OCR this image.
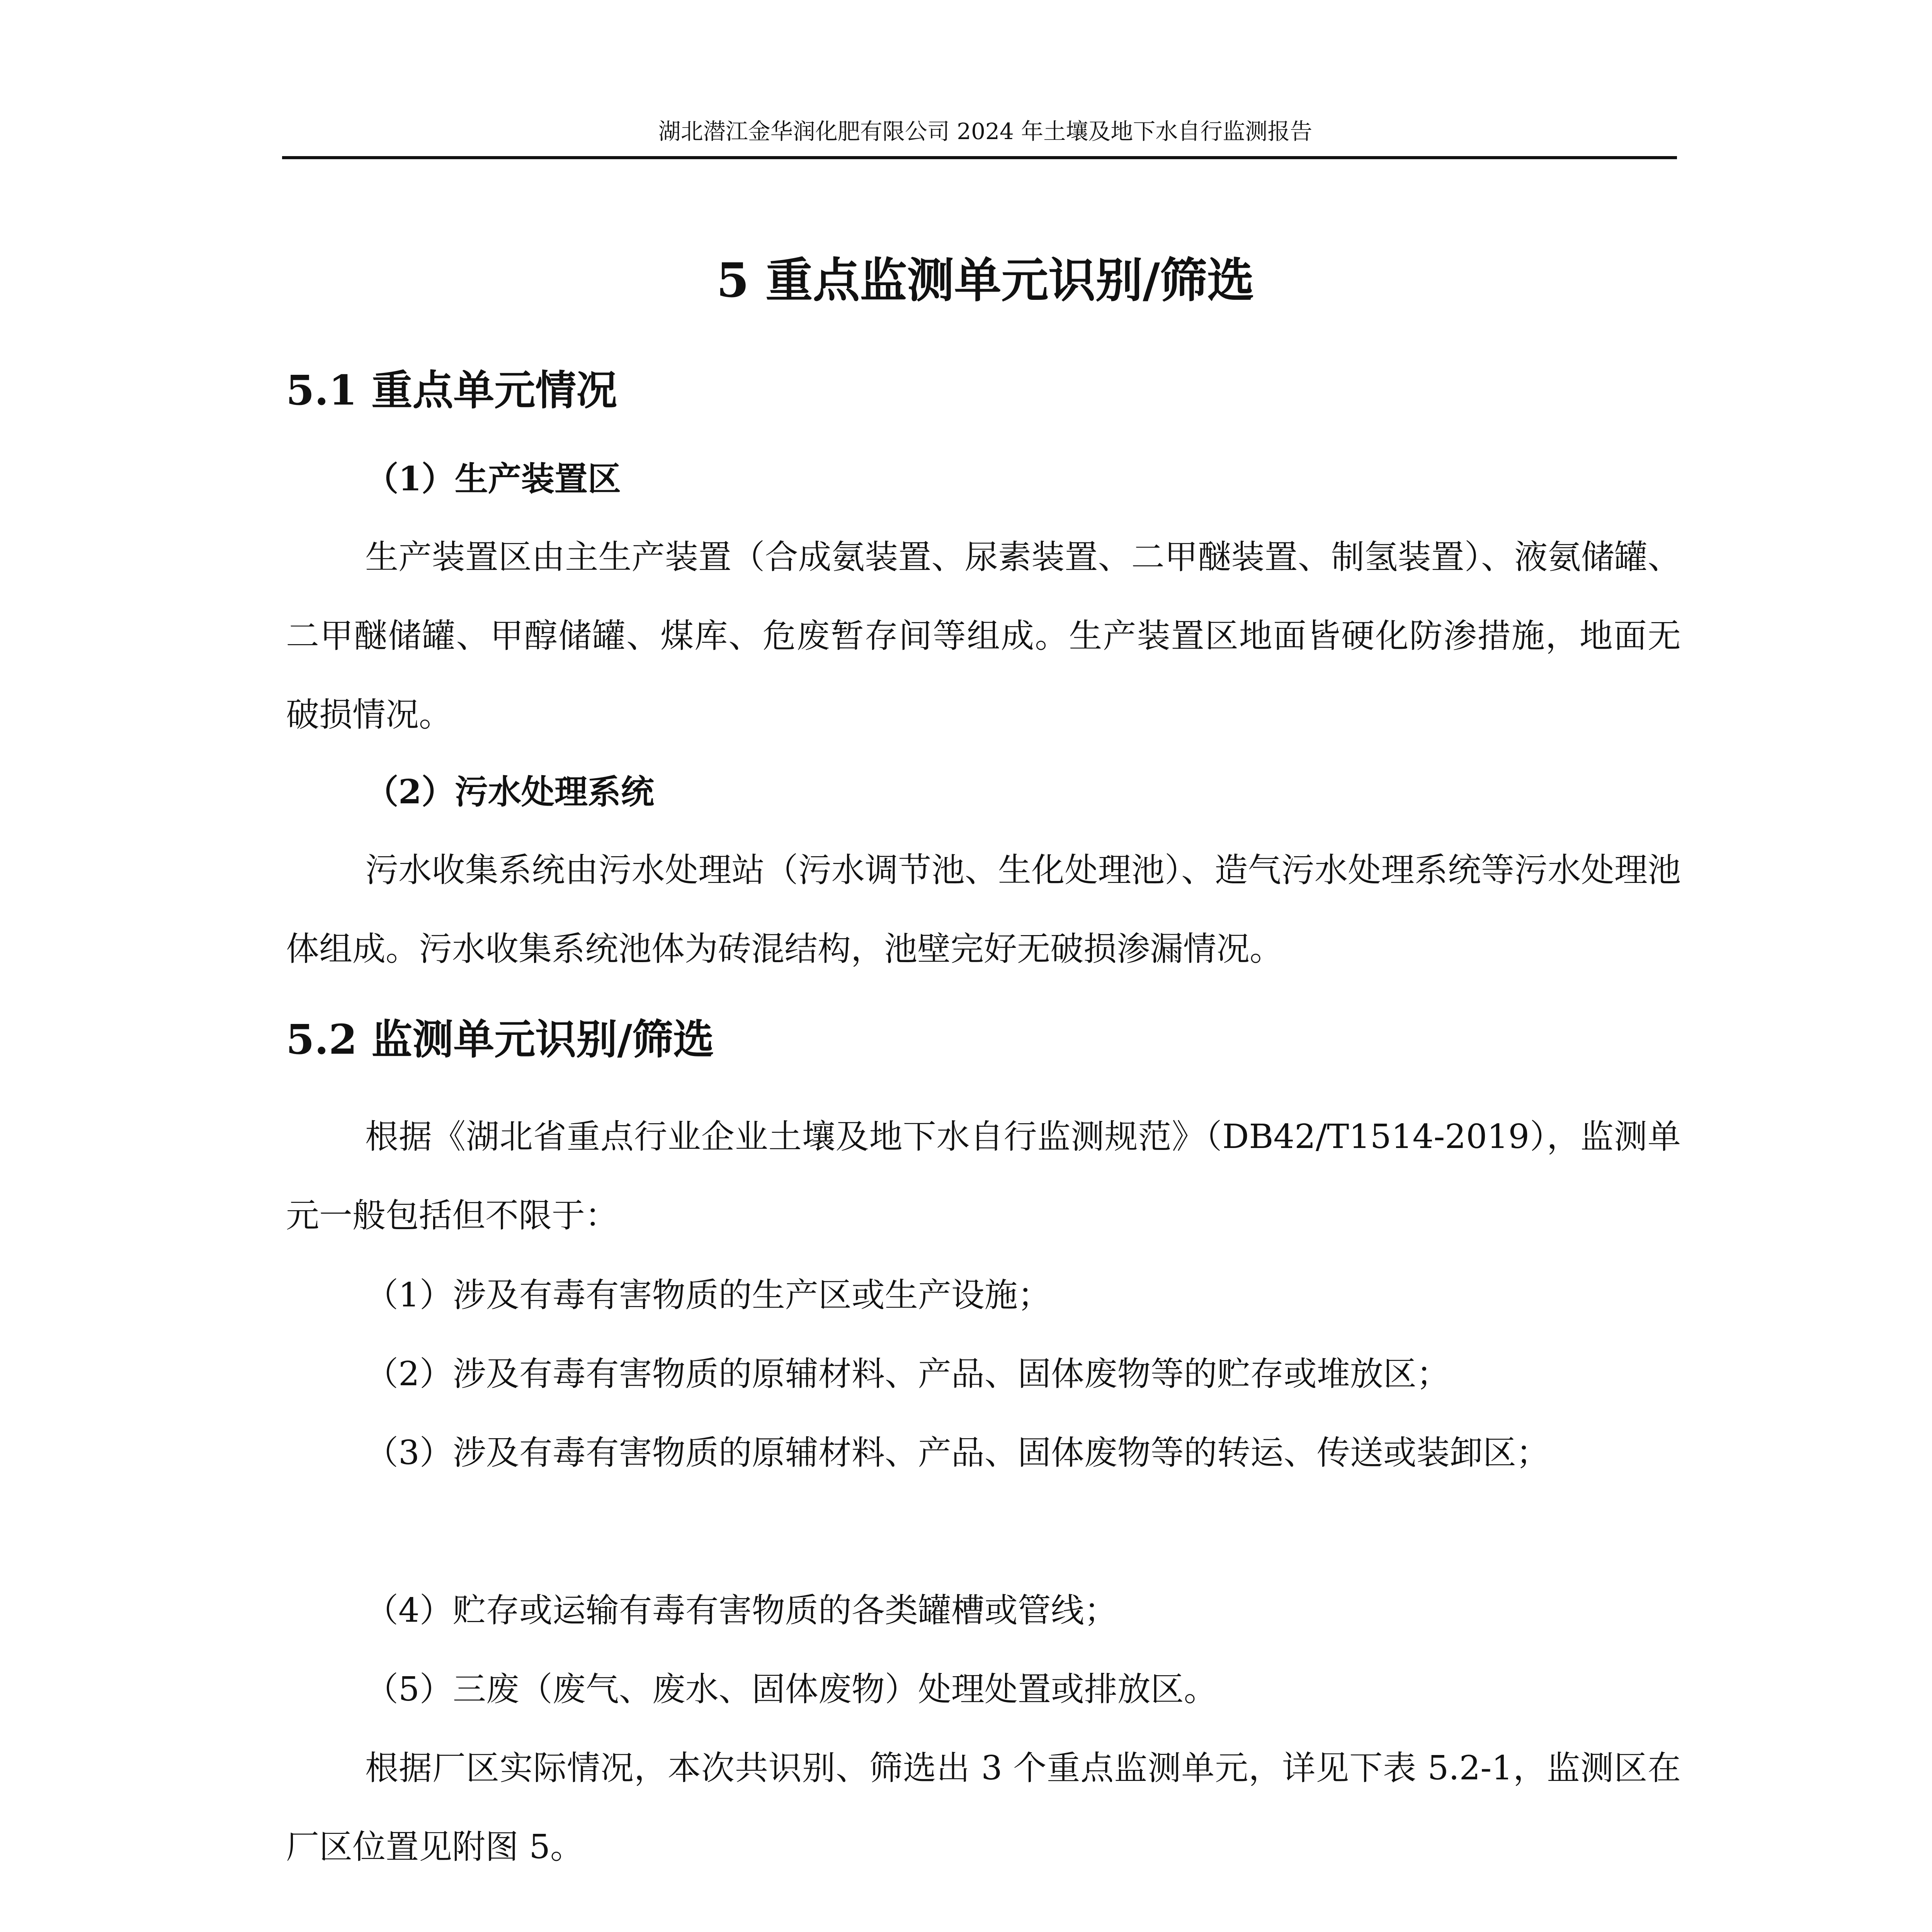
湖北潜江金华润化肥有限公司 2024 年土壤及地下水自行监测报告
5 重点监测单元识别/筛选
5.1 重点单元情况
（1）生产装置区

生产装置区由主生产装置（合成氨装置、尿素装置、二甲醚装置、制氢装置）、液氨储罐、二甲醚储罐、甲醇储罐、煤库、危废暂存间等组成。生产装置区地面皆硬化防渗措施，地面无破损情况。

（2）污水处理系统

污水收集系统由污水处理站（污水调节池、生化处理池）、造气污水处理系统等污水处理池体组成。污水收集系统池体为砖混结构，池壁完好无破损渗漏情况。

5.2 监测单元识别/筛选

根据《湖北省重点行业企业土壤及地下水自行监测规范》（DB42/T1514-2019），监测单元一般包括但不限于：

（1）涉及有毒有害物质的生产区或生产设施；

（2）涉及有毒有害物质的原辅材料、产品、固体废物等的贮存或堆放区；

（3）涉及有毒有害物质的原辅材料、产品、固体废物等的转运、传送或装卸区；

（4）贮存或运输有毒有害物质的各类罐槽或管线；

（5）三废（废气、废水、固体废物）处理处置或排放区。

根据厂区实际情况，本次共识别、筛选出 3 个重点监测单元，详见下表 5.2-1，监测区在厂区位置见附图 5。
